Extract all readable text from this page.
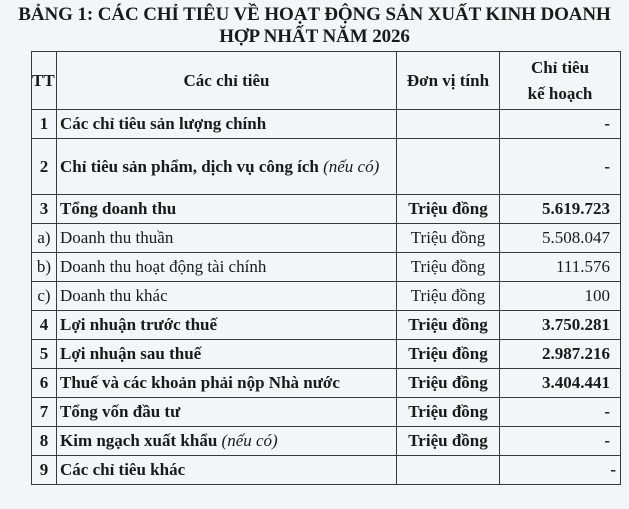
BẢNG 1: CÁC CHỈ TIÊU VỀ HOẠT ĐỘNG SẢN XUẤT KINH DOANH
HỢP NHẤT NĂM 2026
TT	Các chỉ tiêu	Đơn vị tính	Chỉ tiêu
kế hoạch

1	Các chỉ tiêu sản lượng chính		-
2	Chỉ tiêu sản phẩm, dịch vụ công ích (nếu có)		-
3	Tổng doanh thu	Triệu đồng	5.619.723
a)	Doanh thu thuần	Triệu đồng	5.508.047
b)	Doanh thu hoạt động tài chính	Triệu đồng	111.576
c)	Doanh thu khác	Triệu đồng	100
4	Lợi nhuận trước thuế	Triệu đồng	3.750.281
5	Lợi nhuận sau thuế	Triệu đồng	2.987.216
6	Thuế và các khoản phải nộp Nhà nước	Triệu đồng	3.404.441
7	Tổng vốn đầu tư	Triệu đồng	-
8	Kim ngạch xuất khẩu (nếu có)	Triệu đồng	-
9	Các chỉ tiêu khác		-
